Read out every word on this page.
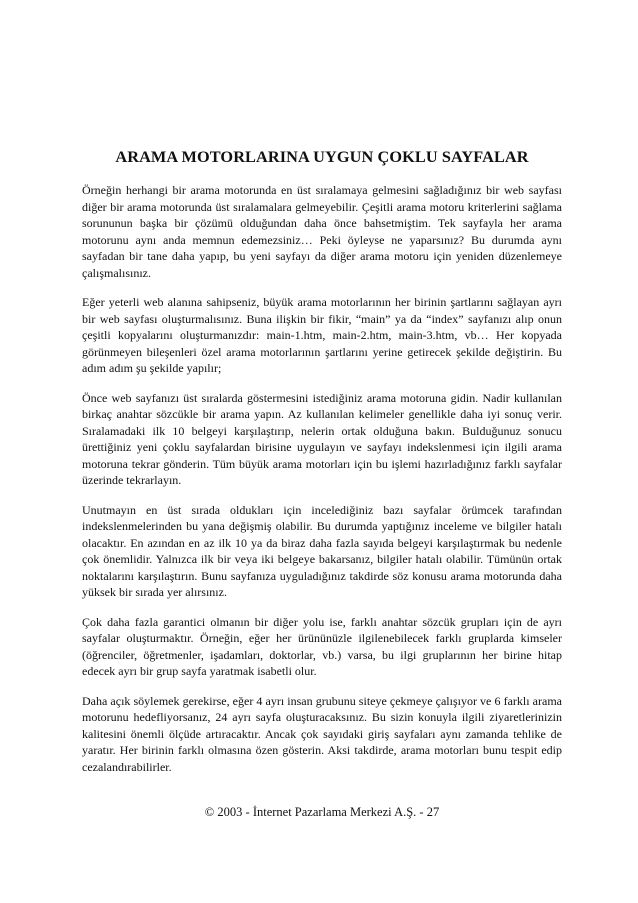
ARAMA MOTORLARINA UYGUN ÇOKLU SAYFALAR

Örneğin herhangi bir arama motorunda en üst sıralamaya gelmesini sağladığınız bir web sayfası diğer bir arama motorunda üst sıralamalara gelmeyebilir. Çeşitli arama motoru kriterlerini sağlama sorununun başka bir çözümü olduğundan daha önce bahsetmiştim. Tek sayfayla her arama motorunu aynı anda memnun edemezsiniz… Peki öyleyse ne yaparsınız? Bu durumda aynı sayfadan bir tane daha yapıp, bu yeni sayfayı da diğer arama motoru için yeniden düzenlemeye çalışmalısınız.

Eğer yeterli web alanına sahipseniz, büyük arama motorlarının her birinin şartlarını sağlayan ayrı bir web sayfası oluşturmalısınız. Buna ilişkin bir fikir, “main” ya da “index” sayfanızı alıp onun çeşitli kopyalarını oluşturmanızdır: main-1.htm, main-2.htm, main-3.htm, vb… Her kopyada görünmeyen bileşenleri özel arama motorlarının şartlarını yerine getirecek şekilde değiştirin. Bu adım adım şu şekilde yapılır;

Önce web sayfanızı üst sıralarda göstermesini istediğiniz arama motoruna gidin. Nadir kullanılan birkaç anahtar sözcükle bir arama yapın. Az kullanılan kelimeler genellikle daha iyi sonuç verir. Sıralamadaki ilk 10 belgeyi karşılaştırıp, nelerin ortak olduğuna bakın. Bulduğunuz sonucu ürettiğiniz yeni çoklu sayfalardan birisine uygulayın ve sayfayı indekslenmesi için ilgili arama motoruna tekrar gönderin. Tüm büyük arama motorları için bu işlemi hazırladığınız farklı sayfalar üzerinde tekrarlayın.

Unutmayın en üst sırada oldukları için incelediğiniz bazı sayfalar örümcek tarafından indekslenmelerinden bu yana değişmiş olabilir. Bu durumda yaptığınız inceleme ve bilgiler hatalı olacaktır. En azından en az ilk 10 ya da biraz daha fazla sayıda belgeyi karşılaştırmak bu nedenle çok önemlidir. Yalnızca ilk bir veya iki belgeye bakarsanız, bilgiler hatalı olabilir. Tümünün ortak noktalarını karşılaştırın. Bunu sayfanıza uyguladığınız takdirde söz konusu arama motorunda daha yüksek bir sırada yer alırsınız.

Çok daha fazla garantici olmanın bir diğer yolu ise, farklı anahtar sözcük grupları için de ayrı sayfalar oluşturmaktır. Örneğin, eğer her ürününüzle ilgilenebilecek farklı gruplarda kimseler (öğrenciler, öğretmenler, işadamları, doktorlar, vb.) varsa, bu ilgi gruplarının her birine hitap edecek ayrı bir grup sayfa yaratmak isabetli olur.

Daha açık söylemek gerekirse, eğer 4 ayrı insan grubunu siteye çekmeye çalışıyor ve 6 farklı arama motorunu hedefliyorsanız, 24 ayrı sayfa oluşturacaksınız. Bu sizin konuyla ilgili ziyaretlerinizin kalitesini önemli ölçüde artıracaktır. Ancak çok sayıdaki giriş sayfaları aynı zamanda tehlike de yaratır. Her birinin farklı olmasına özen gösterin. Aksi takdirde, arama motorları bunu tespit edip cezalandırabilirler.

© 2003 - İnternet Pazarlama Merkezi A.Ş. - 27
